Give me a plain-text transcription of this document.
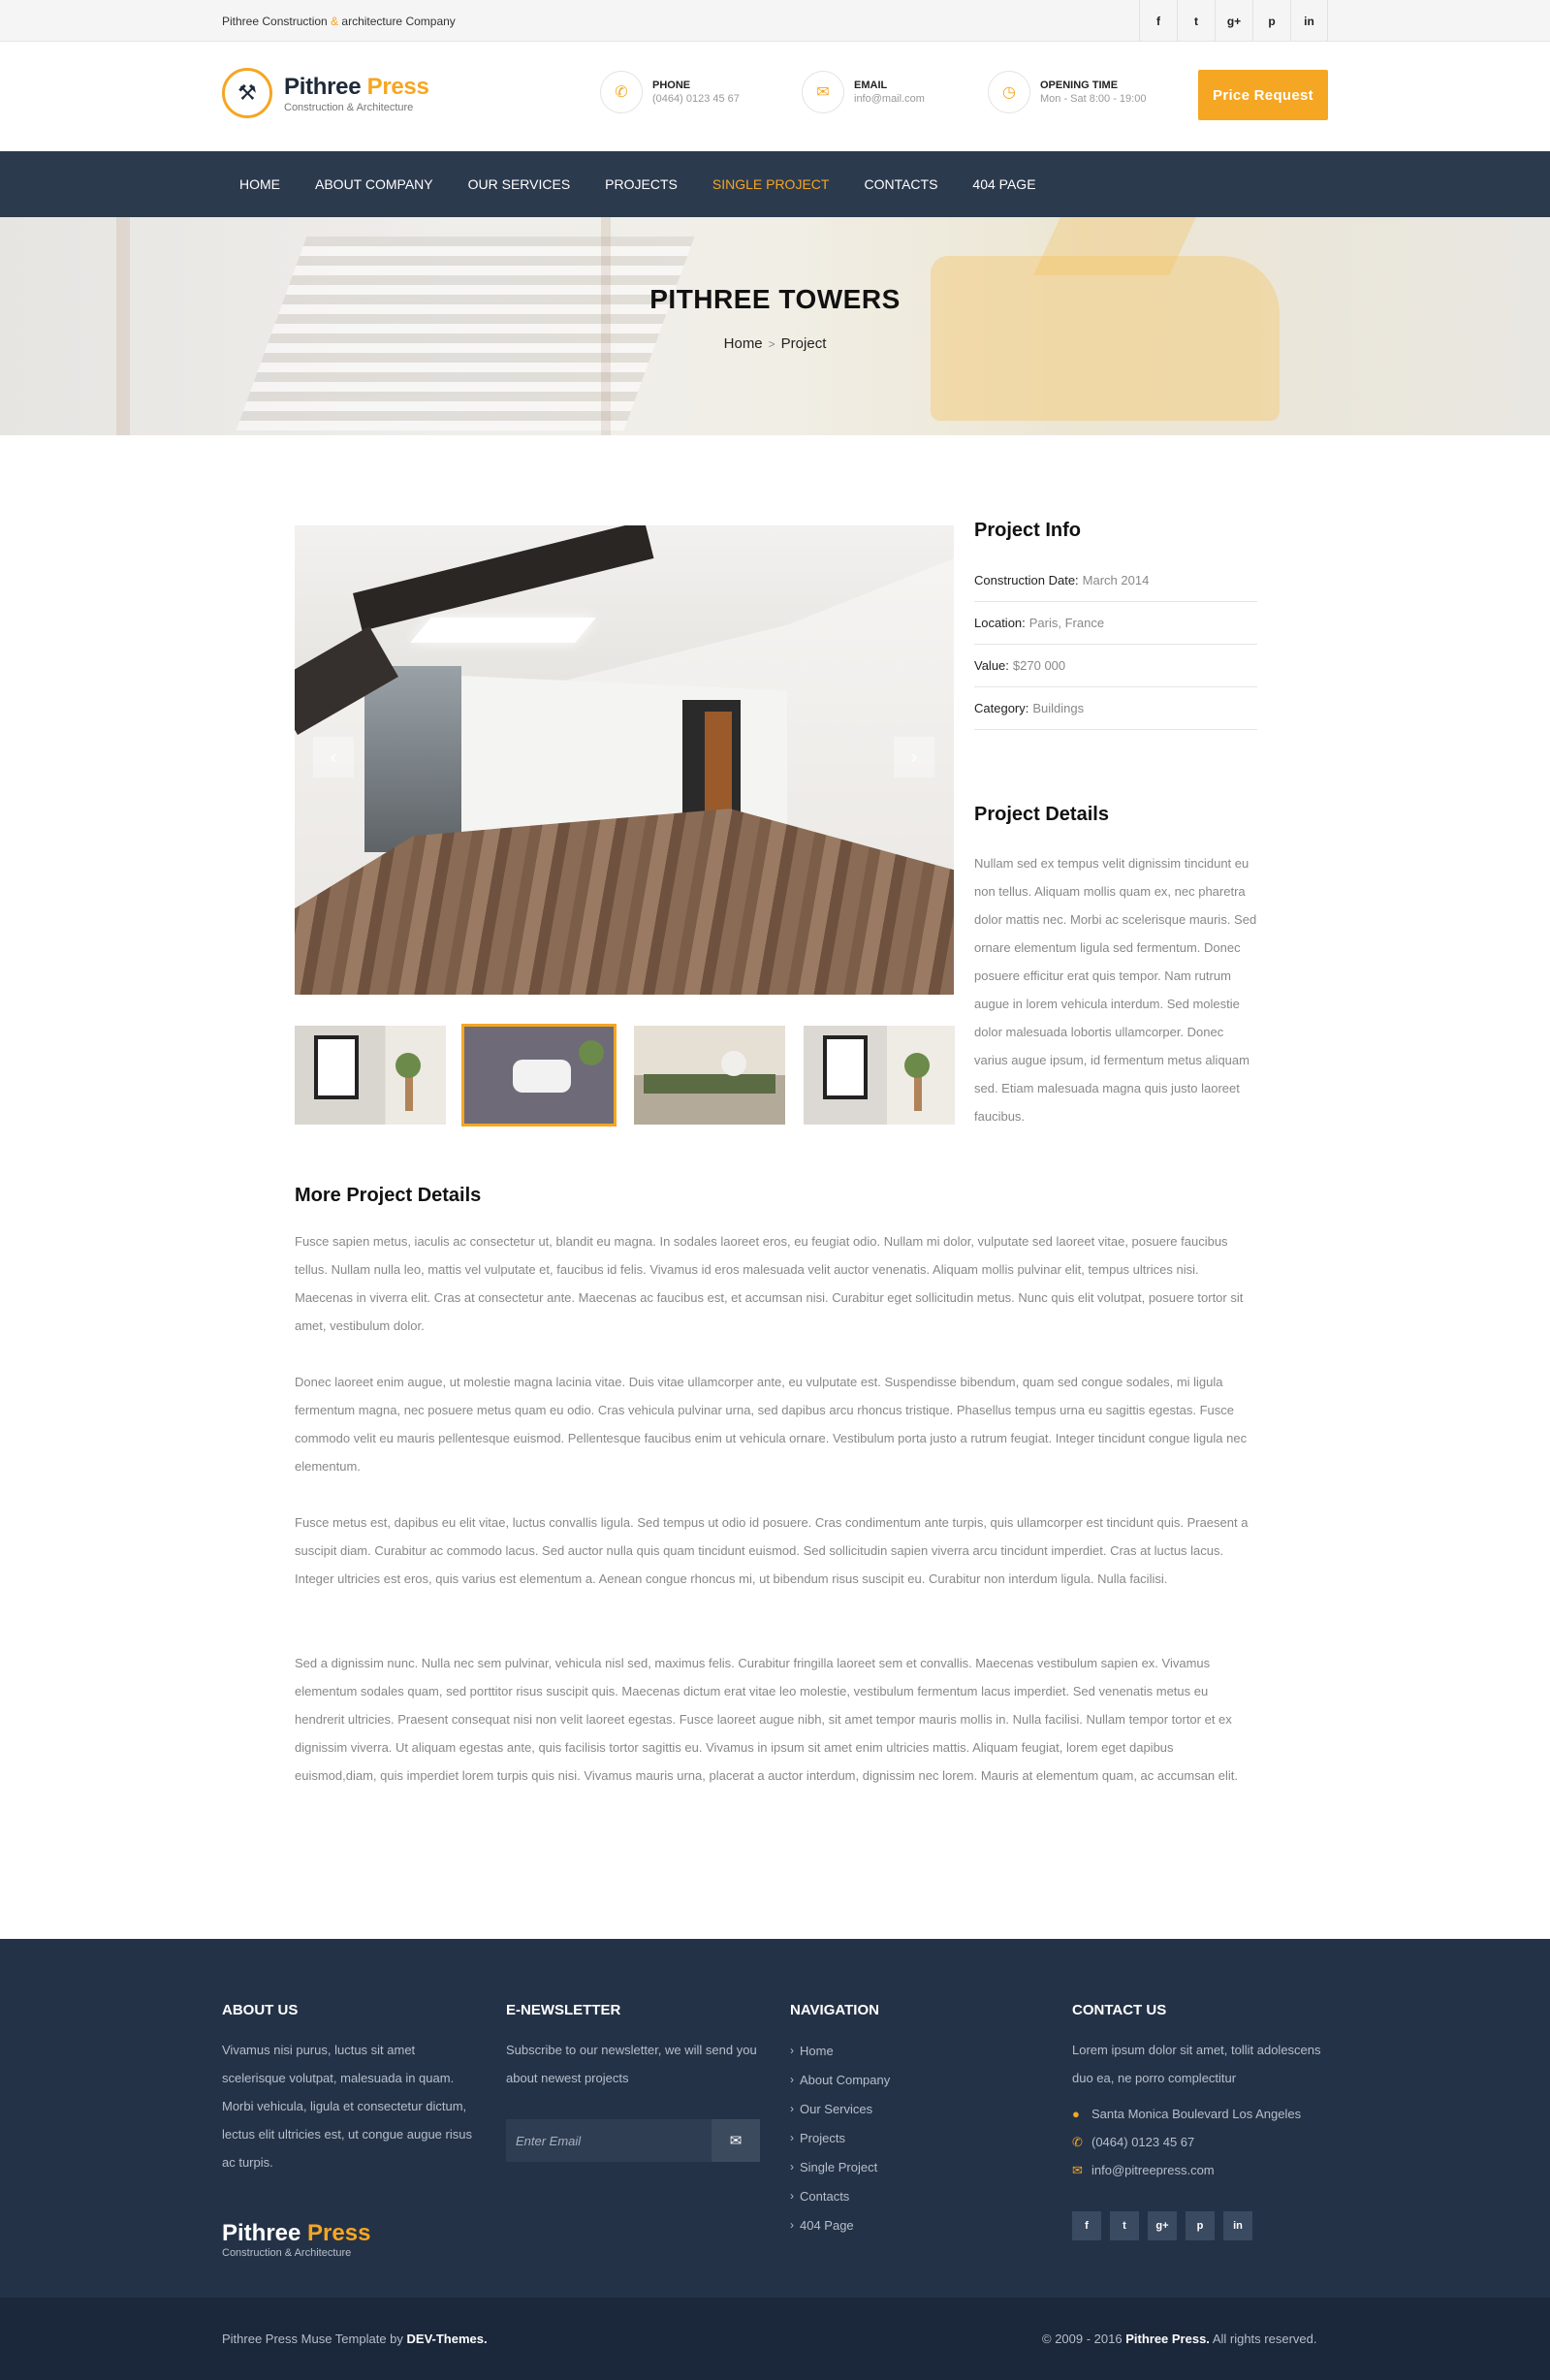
Pithree Construction & architecture Company	f	t	g+	p	in
⚒	Pithree Press
Construction & Architecture
✆	PHONE
(0464) 0123 45 67	✉	EMAIL
info@mail.com	◷	OPENING TIME
Mon - Sat 8:00 - 19:00	Price Request
HOME	ABOUT COMPANY	OUR SERVICES	PROJECTS	SINGLE PROJECT	CONTACTS	404 PAGE
PITHREE TOWERS
Home > Project
‹	›
Project Info
Construction Date: March 2014
Location: Paris, France
Value: $270 000
Category: Buildings
Project Details

Nullam sed ex tempus velit dignissim tincidunt eu non tellus. Aliquam mollis quam ex, nec pharetra dolor mattis nec. Morbi ac scelerisque mauris. Sed ornare elementum ligula sed fermentum. Donec posuere efficitur erat quis tempor. Nam rutrum augue in lorem vehicula interdum. Sed molestie dolor malesuada lobortis ullamcorper. Donec varius augue ipsum, id fermentum metus aliquam sed. Etiam malesuada magna quis justo laoreet faucibus.

More Project Details

Fusce sapien metus, iaculis ac consectetur ut, blandit eu magna. In sodales laoreet eros, eu feugiat odio. Nullam mi dolor, vulputate sed laoreet vitae, posuere faucibus tellus. Nullam nulla leo, mattis vel vulputate et, faucibus id felis. Vivamus id eros malesuada velit auctor venenatis. Aliquam mollis pulvinar elit, tempus ultrices nisi. Maecenas in viverra elit. Cras at consectetur ante. Maecenas ac faucibus est, et accumsan nisi. Curabitur eget sollicitudin metus. Nunc quis elit volutpat, posuere tortor sit amet, vestibulum dolor.

Donec laoreet enim augue, ut molestie magna lacinia vitae. Duis vitae ullamcorper ante, eu vulputate est. Suspendisse bibendum, quam sed congue sodales, mi ligula fermentum magna, nec posuere metus quam eu odio. Cras vehicula pulvinar urna, sed dapibus arcu rhoncus tristique. Phasellus tempus urna eu sagittis egestas. Fusce commodo velit eu mauris pellentesque euismod. Pellentesque faucibus enim ut vehicula ornare. Vestibulum porta justo a rutrum feugiat. Integer tincidunt congue ligula nec elementum.

Fusce metus est, dapibus eu elit vitae, luctus convallis ligula. Sed tempus ut odio id posuere. Cras condimentum ante turpis, quis ullamcorper est tincidunt quis. Praesent a suscipit diam. Curabitur ac commodo lacus. Sed auctor nulla quis quam tincidunt euismod. Sed sollicitudin sapien viverra arcu tincidunt imperdiet. Cras at luctus lacus. Integer ultricies est eros, quis varius est elementum a. Aenean congue rhoncus mi, ut bibendum risus suscipit eu. Curabitur non interdum ligula. Nulla facilisi.

Sed a dignissim nunc. Nulla nec sem pulvinar, vehicula nisl sed, maximus felis. Curabitur fringilla laoreet sem et convallis. Maecenas vestibulum sapien ex. Vivamus elementum sodales quam, sed porttitor risus suscipit quis. Maecenas dictum erat vitae leo molestie, vestibulum fermentum lacus imperdiet. Sed venenatis metus eu hendrerit ultricies. Praesent consequat nisi non velit laoreet egestas. Fusce laoreet augue nibh, sit amet tempor mauris mollis in. Nulla facilisi. Nullam tempor tortor et ex dignissim viverra. Ut aliquam egestas ante, quis facilisis tortor sagittis eu. Vivamus in ipsum sit amet enim ultricies mattis. Aliquam feugiat, lorem eget dapibus euismod,diam, quis imperdiet lorem turpis quis nisi. Vivamus mauris urna, placerat a auctor interdum, dignissim nec lorem. Mauris at elementum quam, ac accumsan elit.

ABOUT US

Vivamus nisi purus, luctus sit amet scelerisque volutpat, malesuada in quam. Morbi vehicula, ligula et consectetur dictum, lectus elit ultricies est, ut congue augue risus ac turpis.

Pithree Press
Construction & Architecture
E-NEWSLETTER

Subscribe to our newsletter, we will send you about newest projects

Enter Email
✉
NAVIGATION
› Home
› About Company
› Our Services
› Projects
› Single Project
› Contacts
› 404 Page
CONTACT US

Lorem ipsum dolor sit amet, tollit adolescens duo ea, ne porro complectitur

● Santa Monica Boulevard Los Angeles
✆ (0464) 0123 45 67
✉ info@pitreepress.com
f	t	g+	p	in
Pithree Press Muse Template by DEV-Themes.	© 2009 - 2016 Pithree Press. All rights reserved.
